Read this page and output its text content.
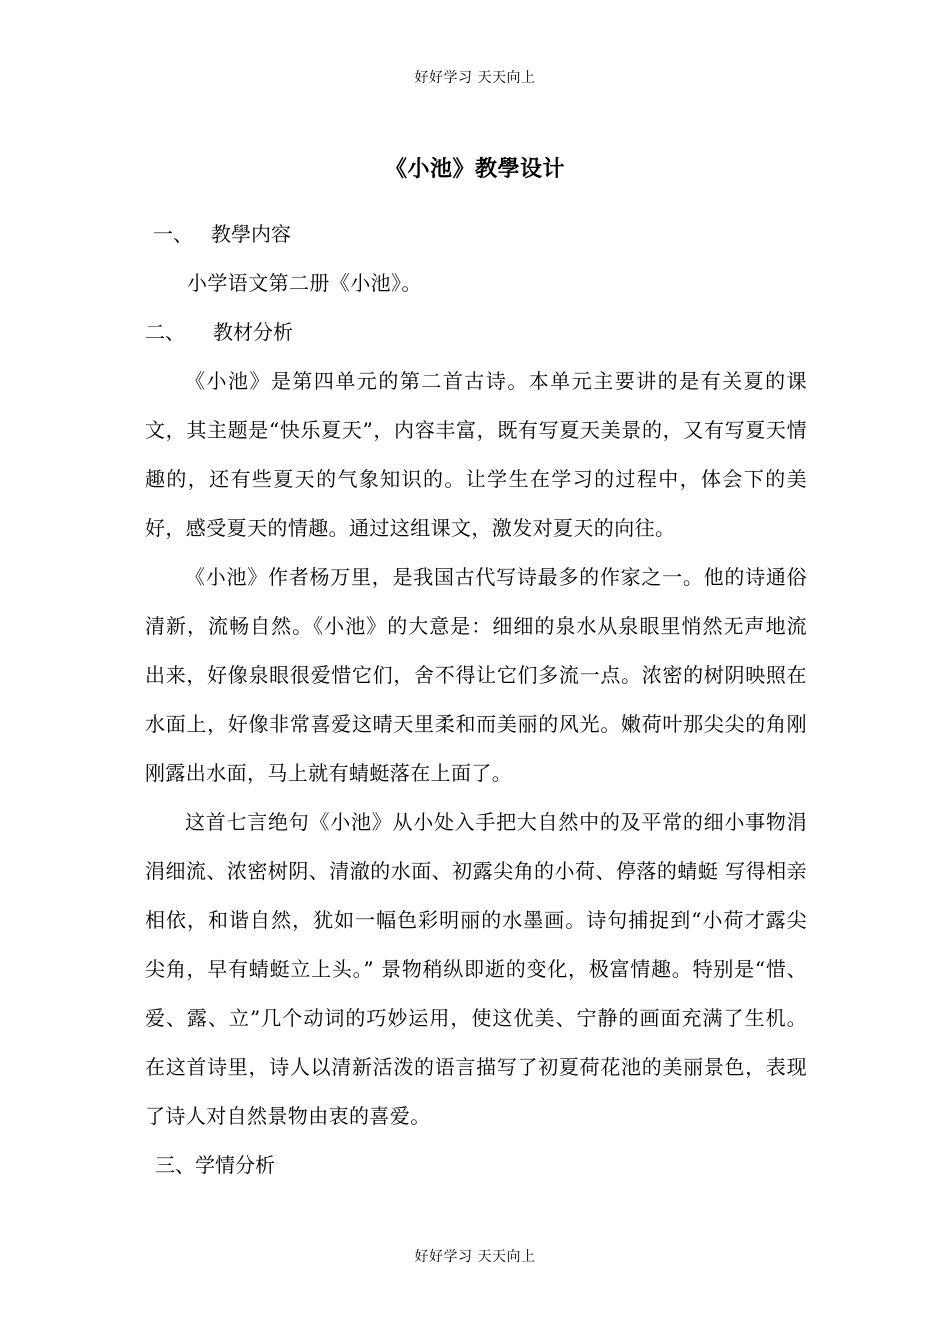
好好学习 天天向上
《小池》教學设计

一、 教學内容

小学语文第二册《小池》。

二、 教材分析

《小池》是第四单元的第二首古诗。本单元主要讲的是有关夏的课文，其主题是“快乐夏天”，内容丰富，既有写夏天美景的，又有写夏天情趣的，还有些夏天的气象知识的。让学生在学习的过程中，体会下的美好，感受夏天的情趣。通过这组课文，激发对夏天的向往。

《小池》作者杨万里，是我国古代写诗最多的作家之一。他的诗通俗清新，流畅自然。《小池》的大意是：细细的泉水从泉眼里悄然无声地流出来，好像泉眼很爱惜它们，舍不得让它们多流一点。浓密的树阴映照在水面上，好像非常喜爱这晴天里柔和而美丽的风光。嫩荷叶那尖尖的角刚刚露出水面，马上就有蜻蜓落在上面了。

这首七言绝句《小池》从小处入手把大自然中的及平常的细小事物涓涓细流、浓密树阴、清澈的水面、初露尖角的小荷、停落的蜻蜓 写得相亲相依，和谐自然，犹如一幅色彩明丽的水墨画。诗句捕捉到“小荷才露尖尖角，早有蜻蜓立上头。” 景物稍纵即逝的变化，极富情趣。特别是“惜、爱、露、立”几个动词的巧妙运用，使这优美、宁静的画面充满了生机。 在这首诗里，诗人以清新活泼的语言描写了初夏荷花池的美丽景色，表现了诗人对自然景物由衷的喜爱。

三、学情分析

好好学习 天天向上
